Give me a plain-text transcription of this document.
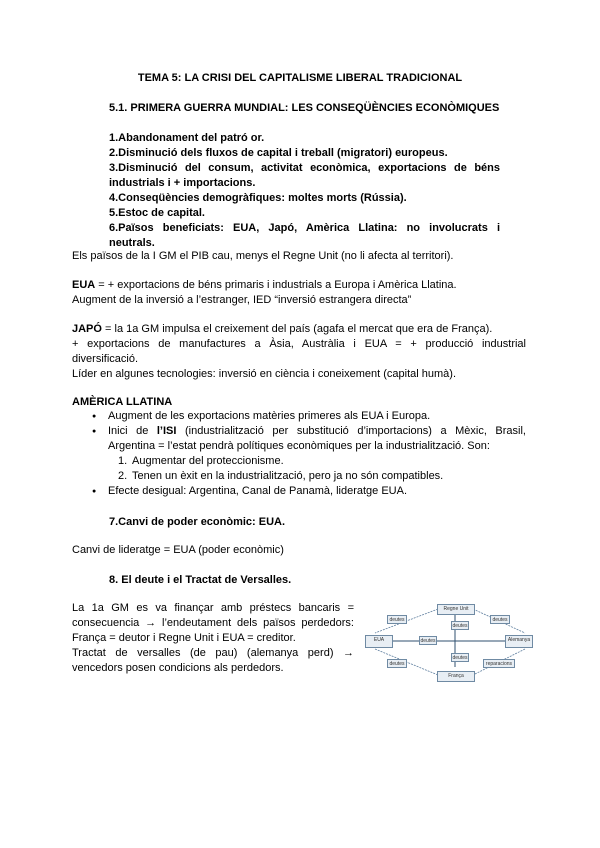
TEMA 5: LA CRISI DEL CAPITALISME LIBERAL TRADICIONAL
5.1. PRIMERA GUERRA MUNDIAL: LES CONSEQÜÈNCIES ECONÒMIQUES

1.Abandonament del patró or.

2.Disminució dels fluxos de capital i treball (migratori) europeus.

3.Disminució del consum, activitat econòmica, exportacions de béns industrials i + importacions.

4.Conseqüències demogràfiques: moltes morts (Rússia).

5.Estoc de capital.

6.Països beneficiats: EUA, Japó, Amèrica Llatina: no involucrats i neutrals.

Els països de la I GM el PIB cau, menys el Regne Unit (no li afecta al territori).

EUA = + exportacions de béns primaris i industrials a Europa i Amèrica Llatina.

Augment de la inversió a l’estranger, IED “inversió estrangera directa”

JAPÓ = la 1a GM impulsa el creixement del país (agafa el mercat que era de França).

+ exportacions de manufactures a Àsia, Austràlia i EUA = + producció industrial diversificació.

Líder en algunes tecnologies: inversió en ciència i coneixement (capital humà).

AMÈRICA LLATINA
● Augment de les exportacions matèries primeres als EUA i Europa.
● Inici de l’ISI (industrialització per substitució d’importacions) a Mèxic, Brasil, Argentina = l’estat pendrà polítiques econòmiques per la industrialització. Son:
1. Augmentar del proteccionisme.
2. Tenen un èxit en la industrialització, pero ja no són compatibles.
● Efecte desigual: Argentina, Canal de Panamà, lideratge EUA.
7.Canvi de poder econòmic: EUA.
Canvi de lideratge = EUA (poder econòmic)
8. El deute i el Tractat de Versalles.

La 1a GM es va finançar amb préstecs bancaris = consecuencia → l’endeutament dels països perdedors: França = deutor i Regne Unit i EUA = creditor.

Tractat de versalles (de pau) (alemanya perd) → vencedors posen condicions als perdedors.

Regne Unit
EUA	Alemanya
França
deutes	deutes
deutes
deutes
deutes	reparacions
deutes
